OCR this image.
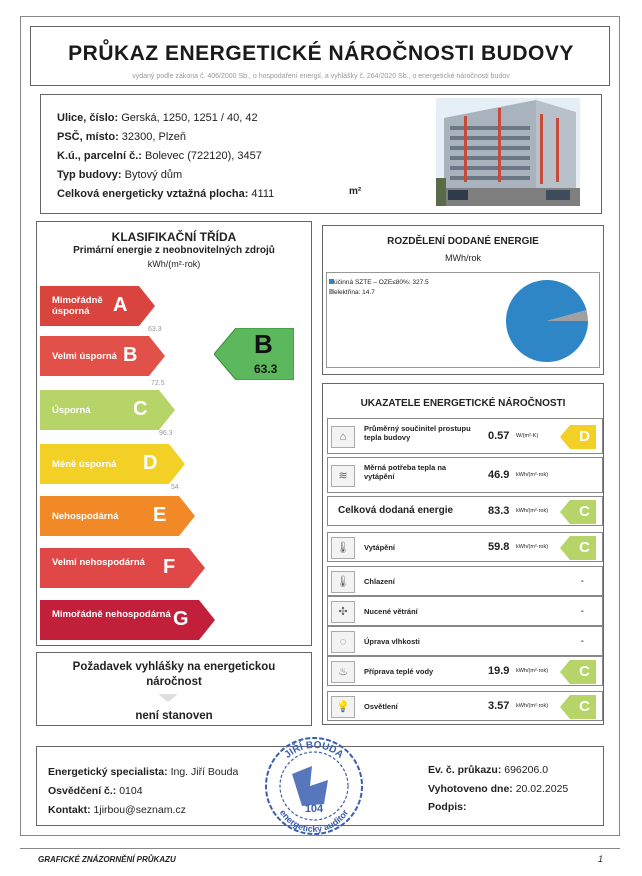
PRŮKAZ ENERGETICKÉ NÁROČNOSTI BUDOVY
vydaný podle zákona č. 406/2000 Sb., o hospodaření energií, a vyhlášky č. 264/2020 Sb., o energetické náročnosti budov
Ulice, číslo: Gerská, 1250, 1251 / 40, 42
PSČ, místo: 32300, Plzeň
K.ú., parcelní č.: Bolevec (722120), 3457
Typ budovy: Bytový dům
Celková energeticky vztažná plocha: 4111	m²
KLASIFIKAČNÍ TŘÍDA
Primární energie z neobnovitelných zdrojů
kWh/(m²·rok)
Mimořádně úsporná	A
Velmi úsporná B
Úsporná	C
Méně úsporná	D
Nehospodárná	E
Velmi nehospodárná F
Mimořádně nehospodárná G
63.3
72.5
96.3
54
B
63.3
Požadavek vyhlášky na energetickou náročnost
není stanoven
ROZDĚLENÍ DODANÉ ENERGIE
MWh/rok
účinná SZTE – OZE≤80%: 327.5
elektřina: 14.7
UKAZATELE ENERGETICKÉ NÁROČNOSTI
⌂
Průměrný součinitel prostupu tepla budovy	0.57 W/(m²·K)	D
≋
Měrná potřeba tepla na vytápění	46.9 kWh/(m²·rok)
Celková dodaná energie	83.3 kWh/(m²·rok) C
🌡	Vytápění	59.8 kWh/(m²·rok) C
🌡	Chlazení	-
✣	Nucené větrání	-
◌	Úprava vlhkosti	-
♨	Příprava teplé vody	19.9 kWh/(m²·rok) C
💡	Osvětlení	3.57 kWh/(m²·rok) C
Energetický specialista: Ing. Jiří Bouda
Osvědčení č.: 0104
Kontakt: 1jirbou@seznam.cz
Ev. č. průkazu: 696206.0
Vyhotoveno dne: 20.02.2025
Podpis:
JIŘÍ BOUDA
energetický auditor
104
GRAFICKÉ ZNÁZORNĚNÍ PRŮKAZU	1
